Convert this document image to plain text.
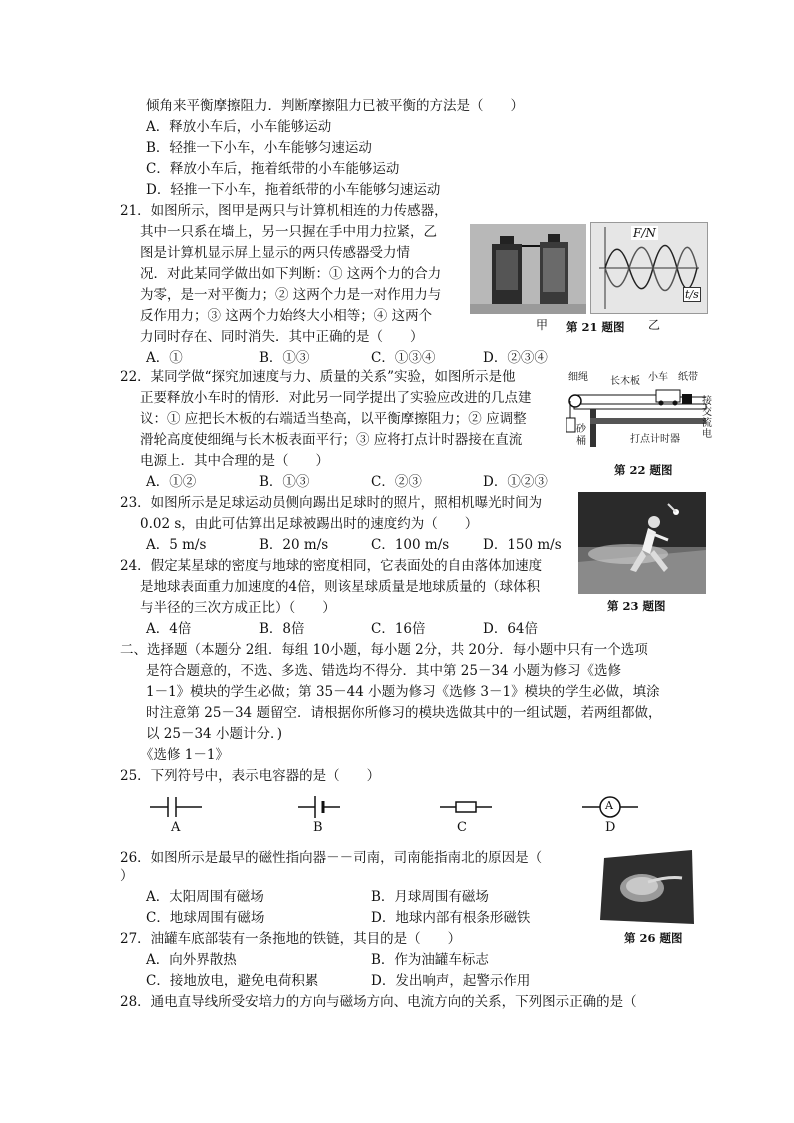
倾角来平衡摩擦阻力．判断摩擦阻力已被平衡的方法是（　　）
A．释放小车后，小车能够运动
B．轻推一下小车，小车能够匀速运动
C．释放小车后，拖着纸带的小车能够运动
D．轻推一下小车，拖着纸带的小车能够匀速运动
21．如图所示，图甲是两只与计算机相连的力传感器，
其中一只系在墙上，另一只握在手中用力拉紧，乙
图是计算机显示屏上显示的两只传感器受力情
况．对此某同学做出如下判断：① 这两个力的合力
为零，是一对平衡力；② 这两个力是一对作用力与
反作用力；③ 这两个力始终大小相等；④ 这两个
力同时存在、同时消失．其中正确的是（　　）
A．①	B．①③	C．①③④	D．②③④
F/N
t/s
甲 第 21 题图 乙
22．某同学做“探究加速度与力、质量的关系”实验，如图所示是他
正要释放小车时的情形．对此另一同学提出了实验应改进的几点建
议：① 应把长木板的右端适当垫高，以平衡摩擦阻力；② 应调整
滑轮高度使细绳与长木板表面平行；③ 应将打点计时器接在直流
电源上．其中合理的是（　　）
A．①②	B．①③	C．②③	D．①②③
细绳 长木板 小车 纸带
砂
桶	打点计时器
接
交
流
电
第 22 题图
23．如图所示是足球运动员侧向踢出足球时的照片，照相机曝光时间为
0.02 s，由此可估算出足球被踢出时的速度约为（　　）
A．5 m/s	B．20 m/s	C．100 m/s	D．150 m/s
第 23 题图
24．假定某星球的密度与地球的密度相同，它表面处的自由落体加速度
是地球表面重力加速度的4倍，则该星球质量是地球质量的（球体积
与半径的三次方成正比）（　　）
A．4倍	B．8倍	C．16倍	D．64倍
二、选择题（本题分 2组．每组 10小题，每小题 2分，共 20分．每小题中只有一个选项
是符合题意的，不选、多选、错选均不得分．其中第 25－34 小题为修习《选修
1－1》模块的学生必做；第 35－44 小题为修习《选修 3－1》模块的学生必做，填涂
时注意第 25－34 题留空．请根据你所修习的模块选做其中的一组试题，若两组都做，
以 25－34 小题计分．)
《选修 1－1》
25．下列符号中，表示电容器的是（　　）
A
A	B	C	D
26．如图所示是最早的磁性指向器－－司南，司南能指南北的原因是（
）
A．太阳周围有磁场	B．月球周围有磁场
C．地球周围有磁场	D．地球内部有根条形磁铁
第 26 题图
27．油罐车底部装有一条拖地的铁链，其目的是（　　）
A．向外界散热	B．作为油罐车标志
C．接地放电，避免电荷积累	D．发出响声，起警示作用
28．通电直导线所受安培力的方向与磁场方向、电流方向的关系，下列图示正确的是（
